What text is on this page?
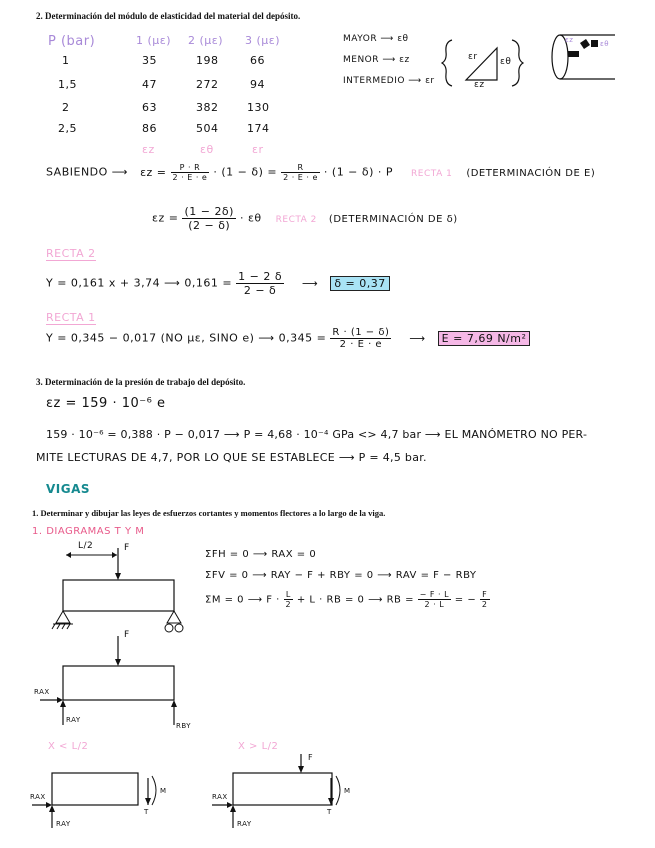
2. Determinación del módulo de elasticidad del material del depósito.
P (bar)	1 (με) 2 (με) 3 (με)
1	35	198	66
1,5	47	272	94
2	63	382	130
2,5	86	504	174
εz	εθ	εr
MAYOR ⟶ εθ
MENOR ⟶ εz
INTERMEDIO ⟶ εr
εr εθ
εz
εz	εθ
SABIENDO ⟶ $\varepsilon z = \frac{P \cdot R}{2 \cdot E \cdot e} \cdot (1 - \delta) = \frac{R}{2 \cdot E \cdot e} \cdot (1 - \delta) \cdot P$ RECTA 1 (DETERMINACIÓN DE E)
$\varepsilon z = \frac{(1 - 2\delta)}{(2 - \delta)} \cdot \varepsilon\theta$ RECTA 2 (DETERMINACIÓN DE δ)
RECTA 2
Y = 0,161 x + 3,74 ⟶ $0,161 = \frac{1 - 2 \delta}{2 - \delta}$ ⟶ δ = 0,37
RECTA 1
Y = 0,345 − 0,017 (NO με, SINO e) ⟶ $0,345 = \frac{R \cdot (1 - \delta)}{2 \cdot E \cdot e}$ ⟶ E = 7,69 N/m²
3. Determinación de la presión de trabajo del depósito.
εz = 159 · 10⁻⁶ e
159 · 10⁻⁶ = 0,388 · P − 0,017 ⟶ P = 4,68 · 10⁻⁴ GPa <> 4,7 bar ⟶ EL MANÓMETRO NO PER-
MITE LECTURAS DE 4,7, POR LO QUE SE ESTABLECE ⟶ P = 4,5 bar.
VIGAS
1. Determinar y dibujar las leyes de esfuerzos cortantes y momentos flectores a lo largo de la viga.
1. DIAGRAMAS T Y M
L/2	F
F
RAX
RAY
RBY
ΣFH = 0 ⟶ RAX = 0
ΣFV = 0 ⟶ RAY − F + RBY = 0 ⟶ RAV = F − RBY
ΣM = 0 ⟶ $F \cdot \frac{L}{2} + L$ · RB = 0 ⟶ RB = $\frac{- F \cdot L}{2 \cdot L}$ = − $\frac{F}{2}$
X < L/2	X > L/2
F
RAX
RAY
M
T
RAX
RAY
M
T
